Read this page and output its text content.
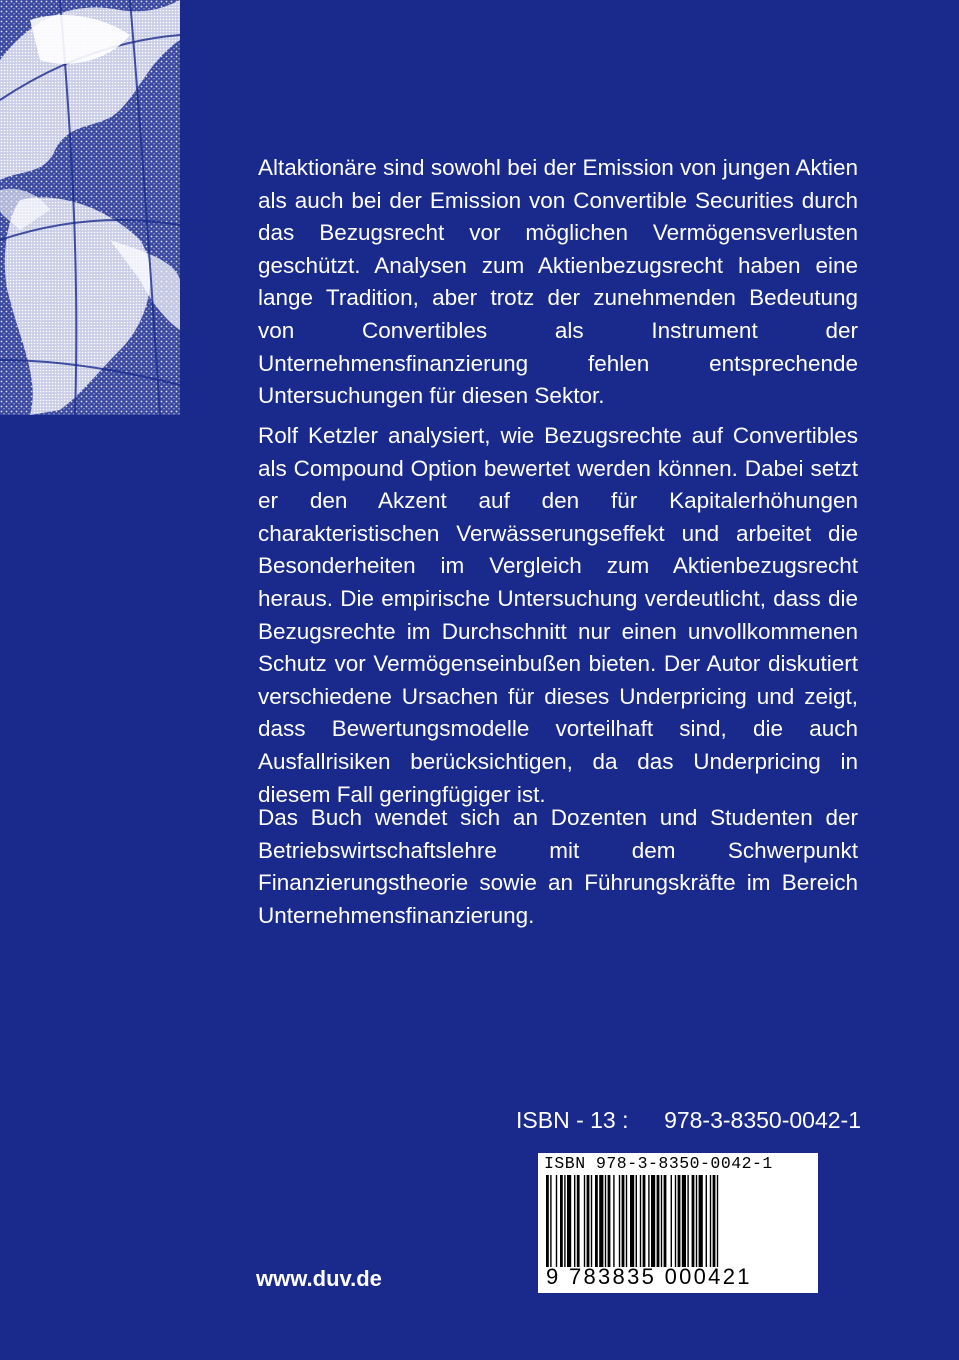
Altaktionäre sind sowohl bei der Emission von jungen Aktien als auch bei der Emission von Convertible Securities durch das Bezugsrecht vor möglichen Vermögensverlusten geschützt. Analysen zum Aktienbezugsrecht haben eine lange Tradition, aber trotz der zunehmenden Bedeutung von Convertibles als Instrument der Unternehmensfinanzierung fehlen entsprechende Untersuchungen für diesen Sektor.

Rolf Ketzler analysiert, wie Bezugsrechte auf Convertibles als Compound Option bewertet werden können. Dabei setzt er den Akzent auf den für Kapitalerhöhungen charakteristischen Verwässerungseffekt und arbeitet die Besonderheiten im Vergleich zum Aktienbezugsrecht heraus. Die empirische Untersuchung verdeutlicht, dass die Bezugsrechte im Durchschnitt nur einen unvollkommenen Schutz vor Vermögenseinbußen bieten. Der Autor diskutiert verschiedene Ursachen für dieses Underpricing und zeigt, dass Bewertungsmodelle vorteilhaft sind, die auch Ausfallrisiken berücksichtigen, da das Underpricing in diesem Fall geringfügiger ist.

Das Buch wendet sich an Dozenten und Studenten der Betriebswirtschaftslehre mit dem Schwerpunkt Finanzierungstheorie sowie an Führungskräfte im Bereich Unternehmensfinanzierung.

ISBN - 13 : 978-3-8350-0042-1
ISBN 978-3-8350-0042-1
9 783835 000421
www.duv.de
